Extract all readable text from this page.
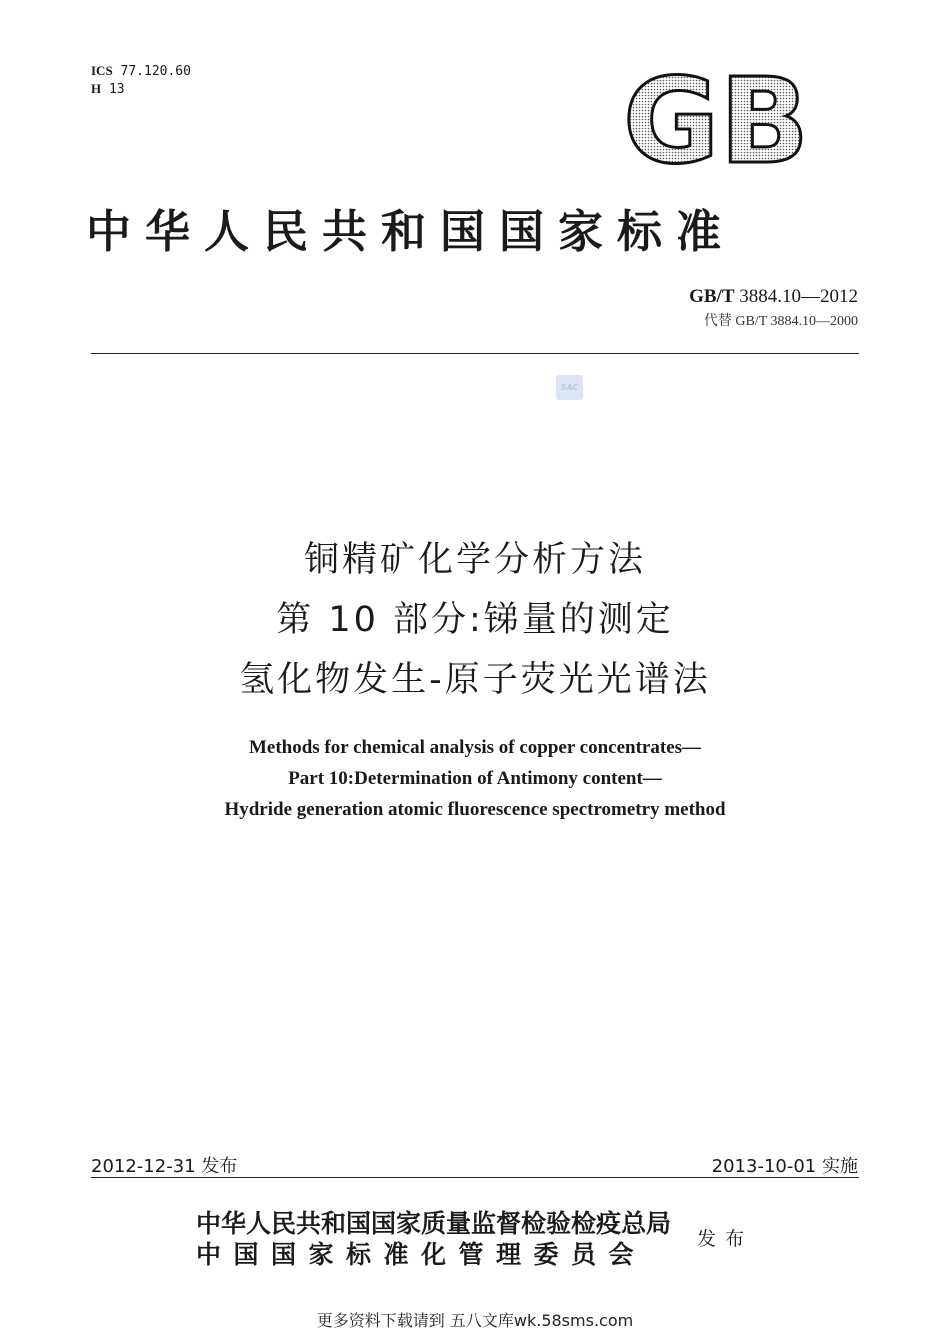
ICS 77.120.60
H 13	GB
中华人民共和国国家标准
GB/T 3884.10—2012
代替 GB/T 3884.10—2000
SAC
铜精矿化学分析方法
第 10 部分:锑量的测定
氢化物发生-原子荧光光谱法
Methods for chemical analysis of copper concentrates—
Part 10:Determination of Antimony content—
Hydride generation atomic fluorescence spectrometry method
2012-12-31 发布	2013-10-01 实施
中华人民共和国国家质量监督检验检疫总局
中国国家标准化管理委员会
发布
更多资料下载请到 五八文库wk.58sms.com
